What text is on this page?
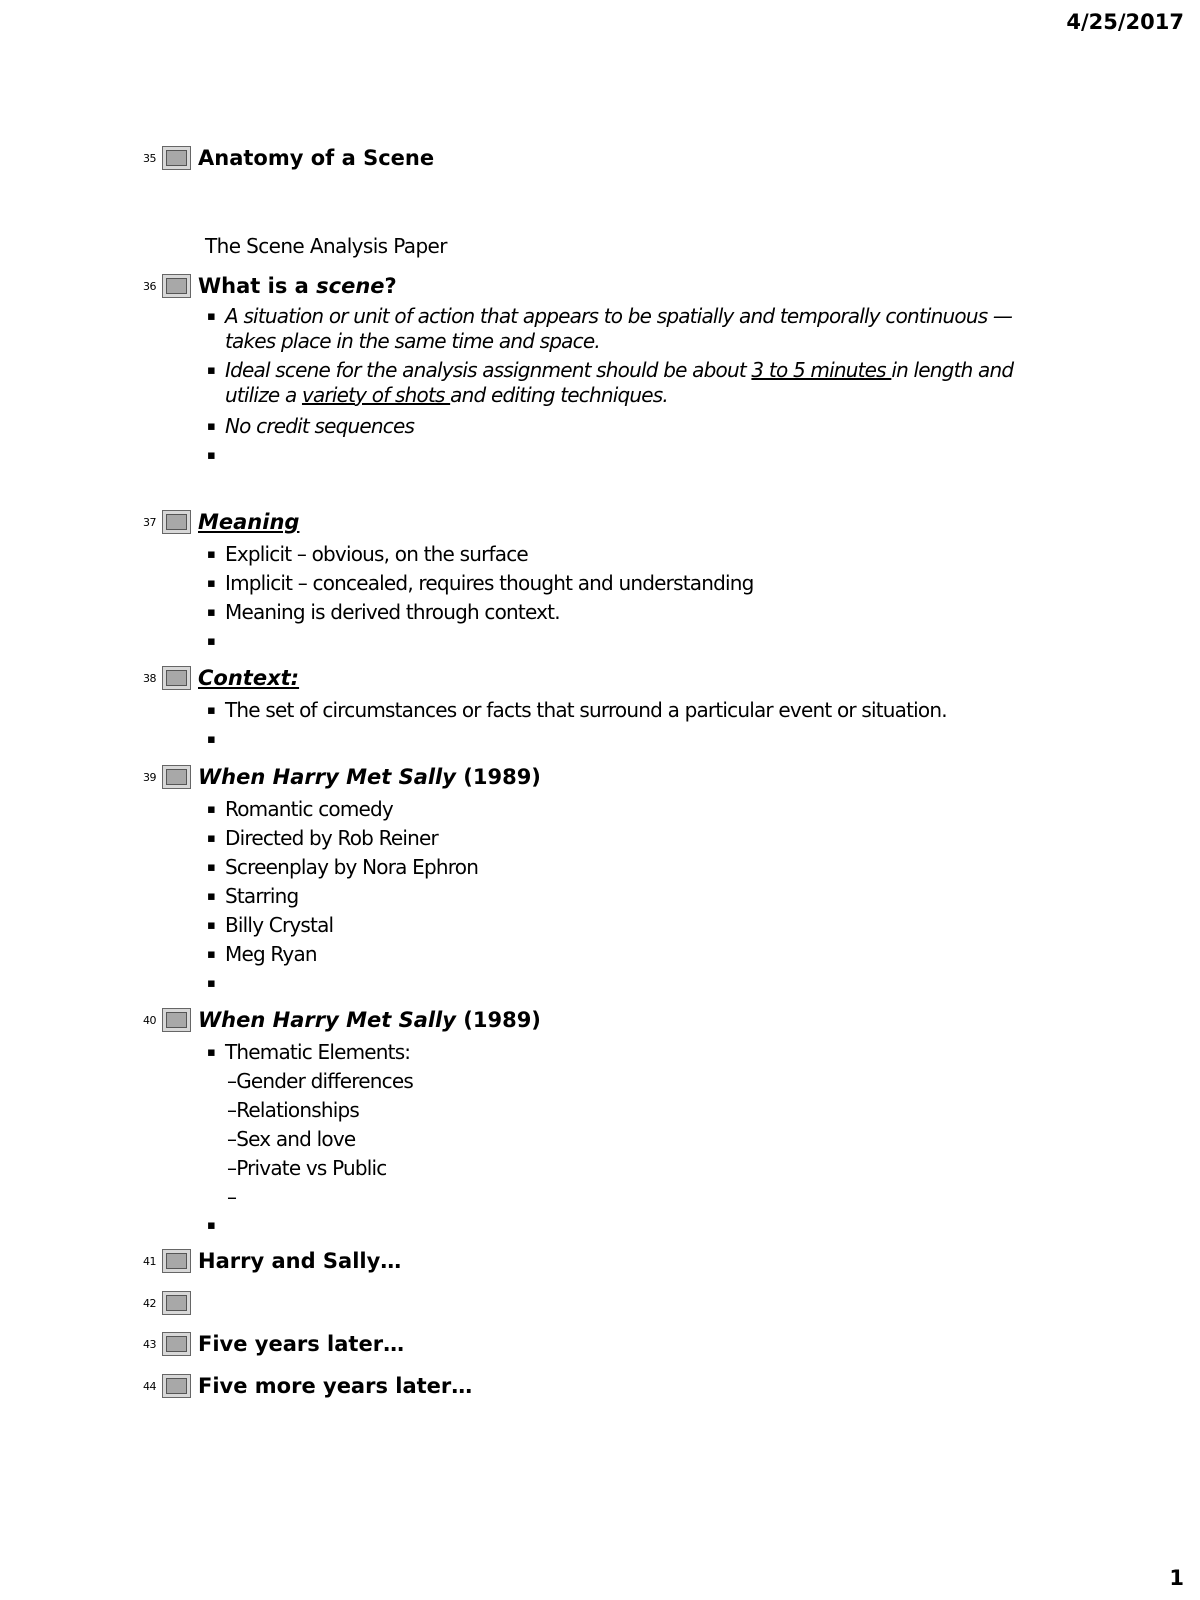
4/25/2017
35 Anatomy of a Scene
The Scene Analysis Paper
36 What is a scene?
▪ A situation or unit of action that appears to be spatially and temporally continuous — takes place in the same time and space.
▪ Ideal scene for the analysis assignment should be about 3 to 5 minutes in length and utilize a variety of shots and editing techniques.
▪ No credit sequences
37 Meaning
▪ Explicit – obvious, on the surface
▪ Implicit – concealed, requires thought and understanding
▪ Meaning is derived through context.
38 Context:
▪ The set of circumstances or facts that surround a particular event or situation.
39 When Harry Met Sally (1989)
▪ Romantic comedy
▪ Directed by Rob Reiner
▪ Screenplay by Nora Ephron
▪ Starring
▪ Billy Crystal
▪ Meg Ryan
40 When Harry Met Sally (1989)
▪ Thematic Elements:
–Gender differences
–Relationships
–Sex and love
–Private vs Public
–
41 Harry and Sally…
42
43 Five years later…
44 Five more years later…
1
